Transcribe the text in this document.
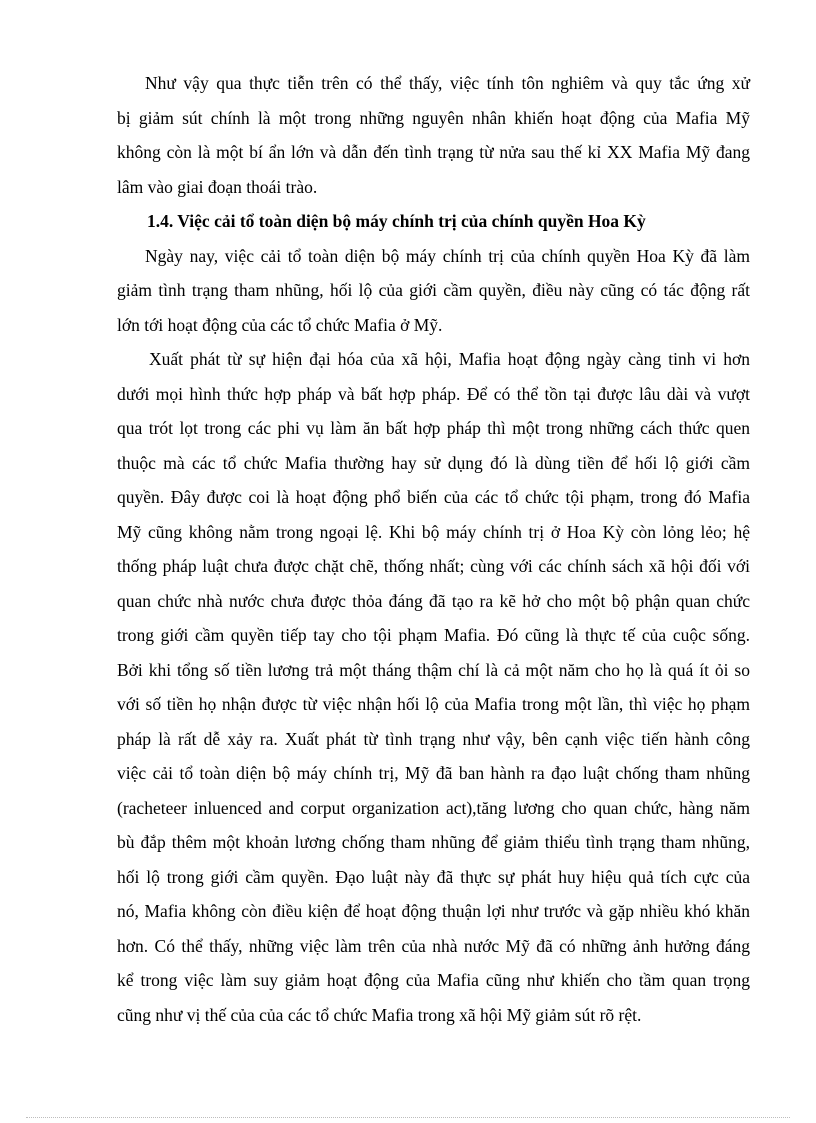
Như vậy qua thực tiễn trên có thể thấy, việc tính tôn nghiêm và quy tắc ứng xử
bị giảm sút chính là một trong những nguyên nhân khiến hoạt động của Mafia Mỹ
không còn là một bí ẩn lớn và dẫn đến tình trạng từ nửa sau thế kỉ XX Mafia Mỹ đang
lâm vào giai đoạn thoái trào.
1.4. Việc cải tổ toàn diện bộ máy chính trị của chính quyền Hoa Kỳ
Ngày nay, việc cải tổ toàn diện bộ máy chính trị của chính quyền Hoa Kỳ đã làm
giảm tình trạng tham nhũng, hối lộ của giới cầm quyền, điều này cũng có tác động rất
lớn tới hoạt động của các tổ chức Mafia ở Mỹ.
Xuất phát từ sự hiện đại hóa của xã hội, Mafia hoạt động ngày càng tinh vi hơn
dưới mọi hình thức hợp pháp và bất hợp pháp. Để có thể tồn tại được lâu dài và vượt
qua trót lọt trong các phi vụ làm ăn bất hợp pháp thì một trong những cách thức quen
thuộc mà các tổ chức Mafia thường hay sử dụng đó là dùng tiền để hối lộ giới cầm
quyền. Đây được coi là hoạt động phổ biến của các tổ chức tội phạm, trong đó Mafia
Mỹ cũng không nằm trong ngoại lệ. Khi bộ máy chính trị ở Hoa Kỳ còn lỏng lẻo; hệ
thống pháp luật chưa được chặt chẽ, thống nhất; cùng với các chính sách xã hội đối với
quan chức nhà nước chưa được thỏa đáng đã tạo ra kẽ hở cho một bộ phận quan chức
trong giới cầm quyền tiếp tay cho tội phạm Mafia. Đó cũng là thực tế của cuộc sống.
Bởi khi tổng số tiền lương trả một tháng thậm chí là cả một năm cho họ là quá ít ỏi so
với số tiền họ nhận được từ việc nhận hối lộ của Mafia trong một lần, thì việc họ phạm
pháp là rất dễ xảy ra. Xuất phát từ tình trạng như vậy, bên cạnh việc tiến hành công
việc cải tổ toàn diện bộ máy chính trị, Mỹ đã ban hành ra đạo luật chống tham nhũng
(racheteer inluenced and corput organization act),tăng lương cho quan chức, hàng năm
bù đắp thêm một khoản lương chống tham nhũng để giảm thiểu tình trạng tham nhũng,
hối lộ trong giới cầm quyền. Đạo luật này đã thực sự phát huy hiệu quả tích cực của
nó, Mafia không còn điều kiện để hoạt động thuận lợi như trước và gặp nhiều khó khăn
hơn. Có thể thấy, những việc làm trên của nhà nước Mỹ đã có những ảnh hưởng đáng
kể trong việc làm suy giảm hoạt động của Mafia cũng như khiến cho tầm quan trọng
cũng như vị thế của của các tổ chức Mafia trong xã hội Mỹ giảm sút rõ rệt.
